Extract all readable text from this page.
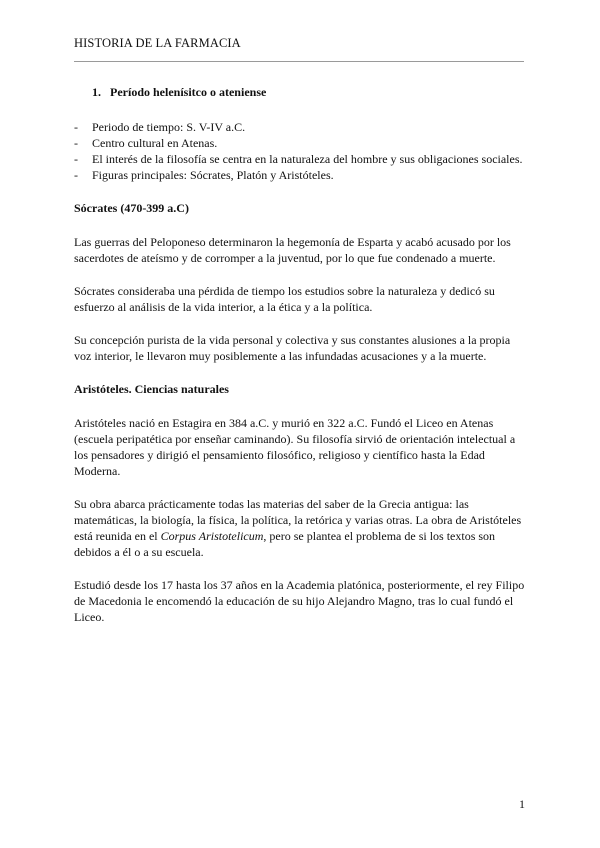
HISTORIA DE LA FARMACIA
1. Período helenísitco o ateniense
- Periodo de tiempo: S. V-IV a.C.
- Centro cultural en Atenas.
- El interés de la filosofía se centra en la naturaleza del hombre y sus obligaciones sociales.
- Figuras principales: Sócrates, Platón y Aristóteles.
Sócrates (470-399 a.C)

Las guerras del Peloponeso determinaron la hegemonía de Esparta y acabó acusado por los sacerdotes de ateísmo y de corromper a la juventud, por lo que fue condenado a muerte.

Sócrates consideraba una pérdida de tiempo los estudios sobre la naturaleza y dedicó su esfuerzo al análisis de la vida interior, a la ética y a la política.

Su concepción purista de la vida personal y colectiva y sus constantes alusiones a la propia voz interior, le llevaron muy posiblemente a las infundadas acusaciones y a la muerte.

Aristóteles. Ciencias naturales

Aristóteles nació en Estagira en 384 a.C. y murió en 322 a.C. Fundó el Liceo en Atenas (escuela peripatética por enseñar caminando). Su filosofía sirvió de orientación intelectual a los pensadores y dirigió el pensamiento filosófico, religioso y científico hasta la Edad Moderna.

Su obra abarca prácticamente todas las materias del saber de la Grecia antigua: las matemáticas, la biología, la física, la política, la retórica y varias otras. La obra de Aristóteles está reunida en el Corpus Aristotelicum, pero se plantea el problema de si los textos son debidos a él o a su escuela.

Estudió desde los 17 hasta los 37 años en la Academia platónica, posteriormente, el rey Filipo de Macedonia le encomendó la educación de su hijo Alejandro Magno, tras lo cual fundó el Liceo.

1
